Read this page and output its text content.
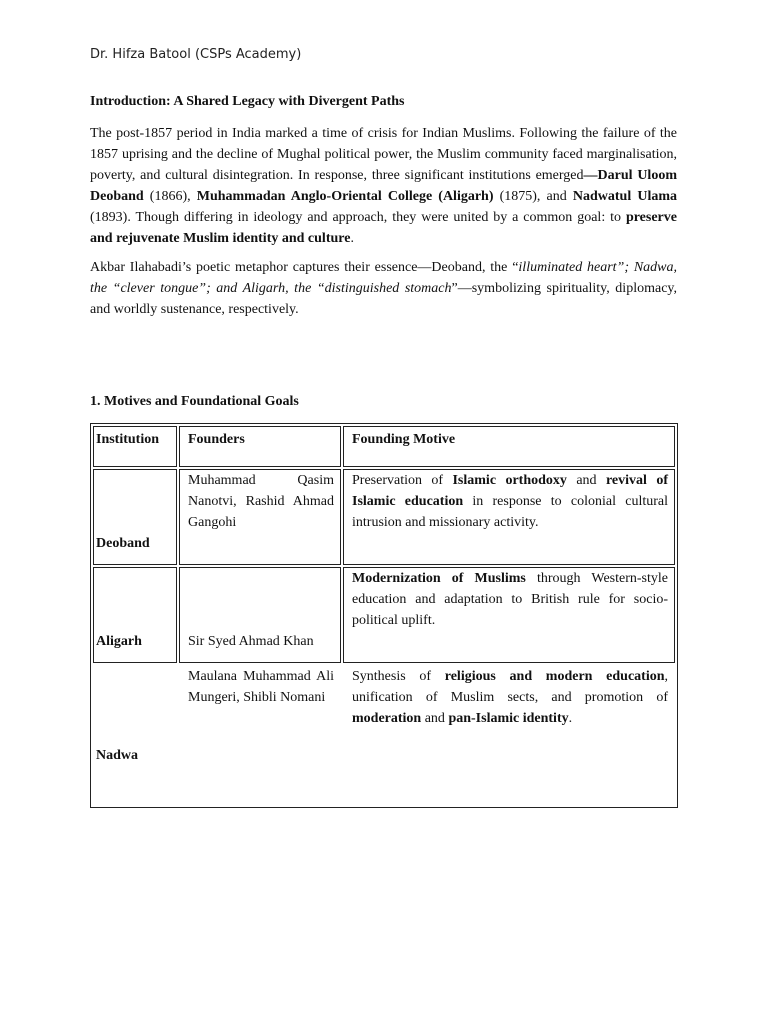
Dr. Hifza Batool (CSPs Academy)
Introduction: A Shared Legacy with Divergent Paths

The post-1857 period in India marked a time of crisis for Indian Muslims. Following the failure of the 1857 uprising and the decline of Mughal political power, the Muslim community faced marginalisation, poverty, and cultural disintegration. In response, three significant institutions emerged—Darul Uloom Deoband (1866), Muhammadan Anglo-Oriental College (Aligarh) (1875), and Nadwatul Ulama (1893). Though differing in ideology and approach, they were united by a common goal: to preserve and rejuvenate Muslim identity and culture.

Akbar Ilahabadi’s poetic metaphor captures their essence—Deoband, the “illuminated heart”; Nadwa, the “clever tongue”; and Aligarh, the “distinguished stomach”—symbolizing spirituality, diplomacy, and worldly sustenance, respectively.

1. Motives and Foundational Goals
Institution	Founders	Founding Motive
Deoband	Muhammad Qasim Nanotvi, Rashid Ahmad Gangohi	Preservation of Islamic orthodoxy and revival of Islamic education in response to colonial cultural intrusion and missionary activity.
Aligarh	Sir Syed Ahmad Khan	Modernization of Muslims through Western-style education and adaptation to British rule for socio-political uplift.
Nadwa	Maulana Muhammad Ali Mungeri, Shibli Nomani	Synthesis of religious and modern education, unification of Muslim sects, and promotion of moderation and pan-Islamic identity.
